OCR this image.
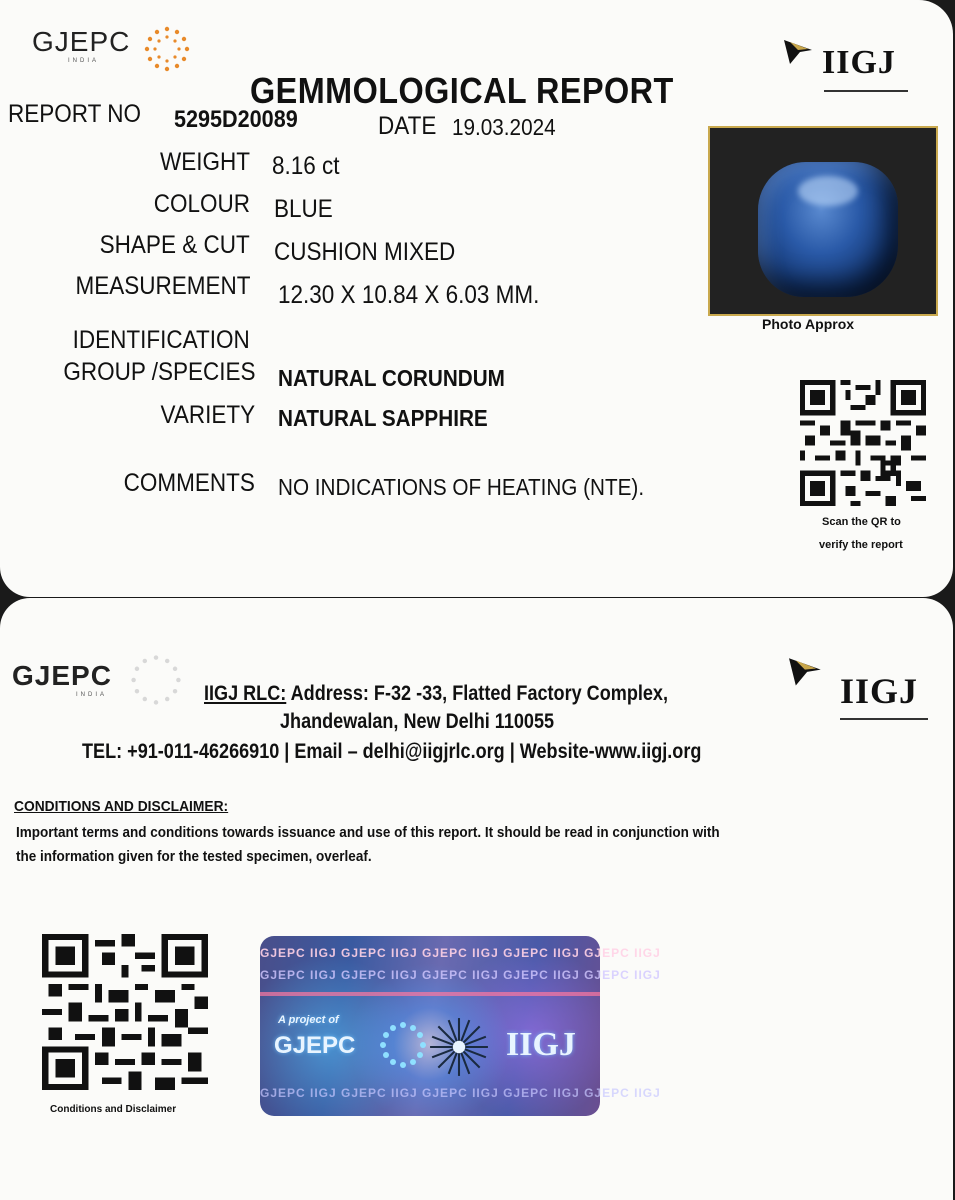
GJEPC
INDIA	IIGJ
GEMMOLOGICAL REPORT
REPORT NO 5295D20089	DATE 19.03.2024
WEIGHT 8.16 ct
COLOUR BLUE
SHAPE & CUT CUSHION MIXED
MEASUREMENT 12.30 X 10.84 X 6.03 MM.
IDENTIFICATION
GROUP /SPECIES NATURAL CORUNDUM
VARIETY NATURAL SAPPHIRE
COMMENTS NO INDICATIONS OF HEATING (NTE).
Photo Approx
Scan the QR to
verify the report
GJEPC
INDIA	IIGJ
IIGJ RLC: Address: F-32 -33, Flatted Factory Complex,
Jhandewalan, New Delhi 110055
TEL: +91-011-46266910 | Email – delhi@iigjrlc.org | Website-www.iigj.org
CONDITIONS AND DISCLAIMER:
Important terms and conditions towards issuance and use of this report. It should be read in conjunction with
the information given for the tested specimen, overleaf.
Conditions and Disclaimer
GJEPC IIGJ GJEPC IIGJ GJEPC IIGJ GJEPC IIGJ GJEPC IIGJ
GJEPC IIGJ GJEPC IIGJ GJEPC IIGJ GJEPC IIGJ GJEPC IIGJ
A project of
GJEPC	IIGJ
GJEPC IIGJ GJEPC IIGJ GJEPC IIGJ GJEPC IIGJ GJEPC IIGJ
